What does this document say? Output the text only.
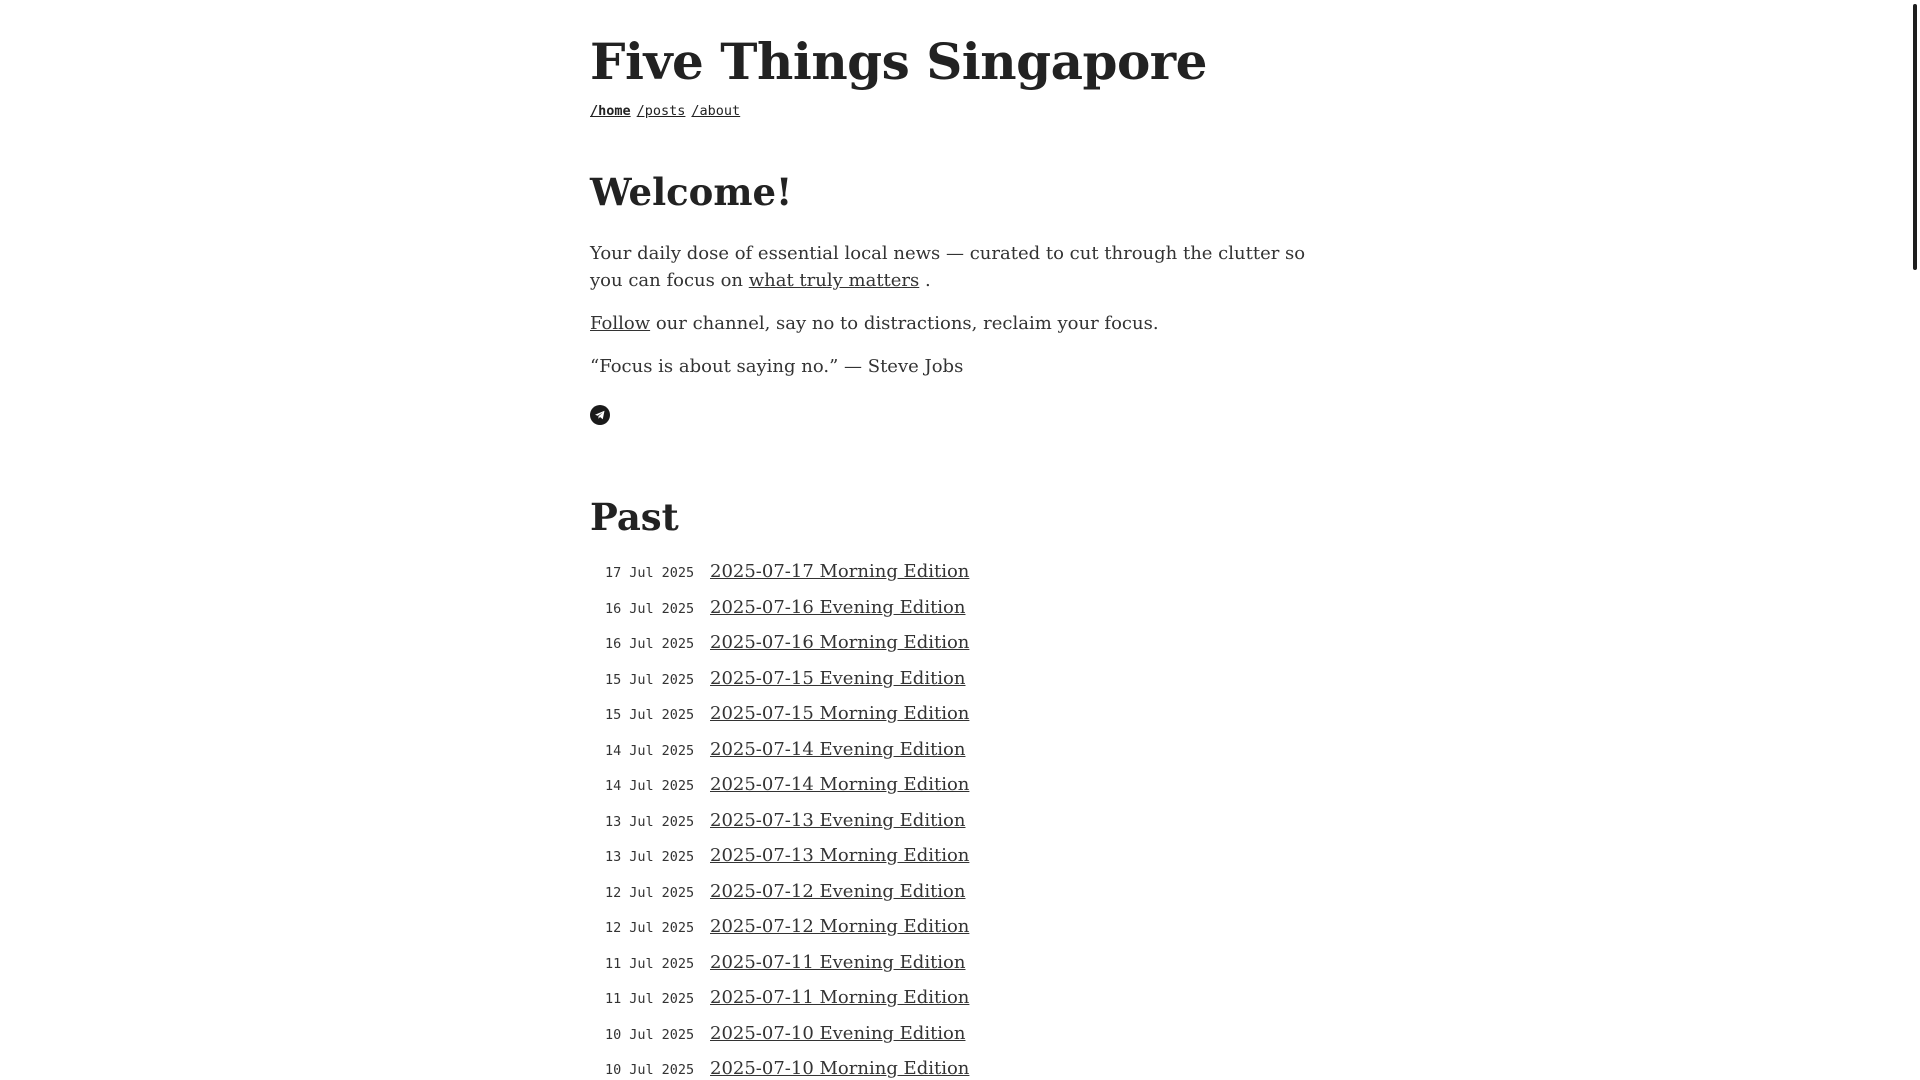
Five Things Singapore
/home /posts /about
Welcome!

Your daily dose of essential local news — curated to cut through the clutter so you can focus on what truly matters .

Follow our channel, say no to distractions, reclaim your focus.

“Focus is about saying no.” — Steve Jobs

Past
17 Jul 2025 2025-07-17 Morning Edition
16 Jul 2025 2025-07-16 Evening Edition
16 Jul 2025 2025-07-16 Morning Edition
15 Jul 2025 2025-07-15 Evening Edition
15 Jul 2025 2025-07-15 Morning Edition
14 Jul 2025 2025-07-14 Evening Edition
14 Jul 2025 2025-07-14 Morning Edition
13 Jul 2025 2025-07-13 Evening Edition
13 Jul 2025 2025-07-13 Morning Edition
12 Jul 2025 2025-07-12 Evening Edition
12 Jul 2025 2025-07-12 Morning Edition
11 Jul 2025 2025-07-11 Evening Edition
11 Jul 2025 2025-07-11 Morning Edition
10 Jul 2025 2025-07-10 Evening Edition
10 Jul 2025 2025-07-10 Morning Edition
